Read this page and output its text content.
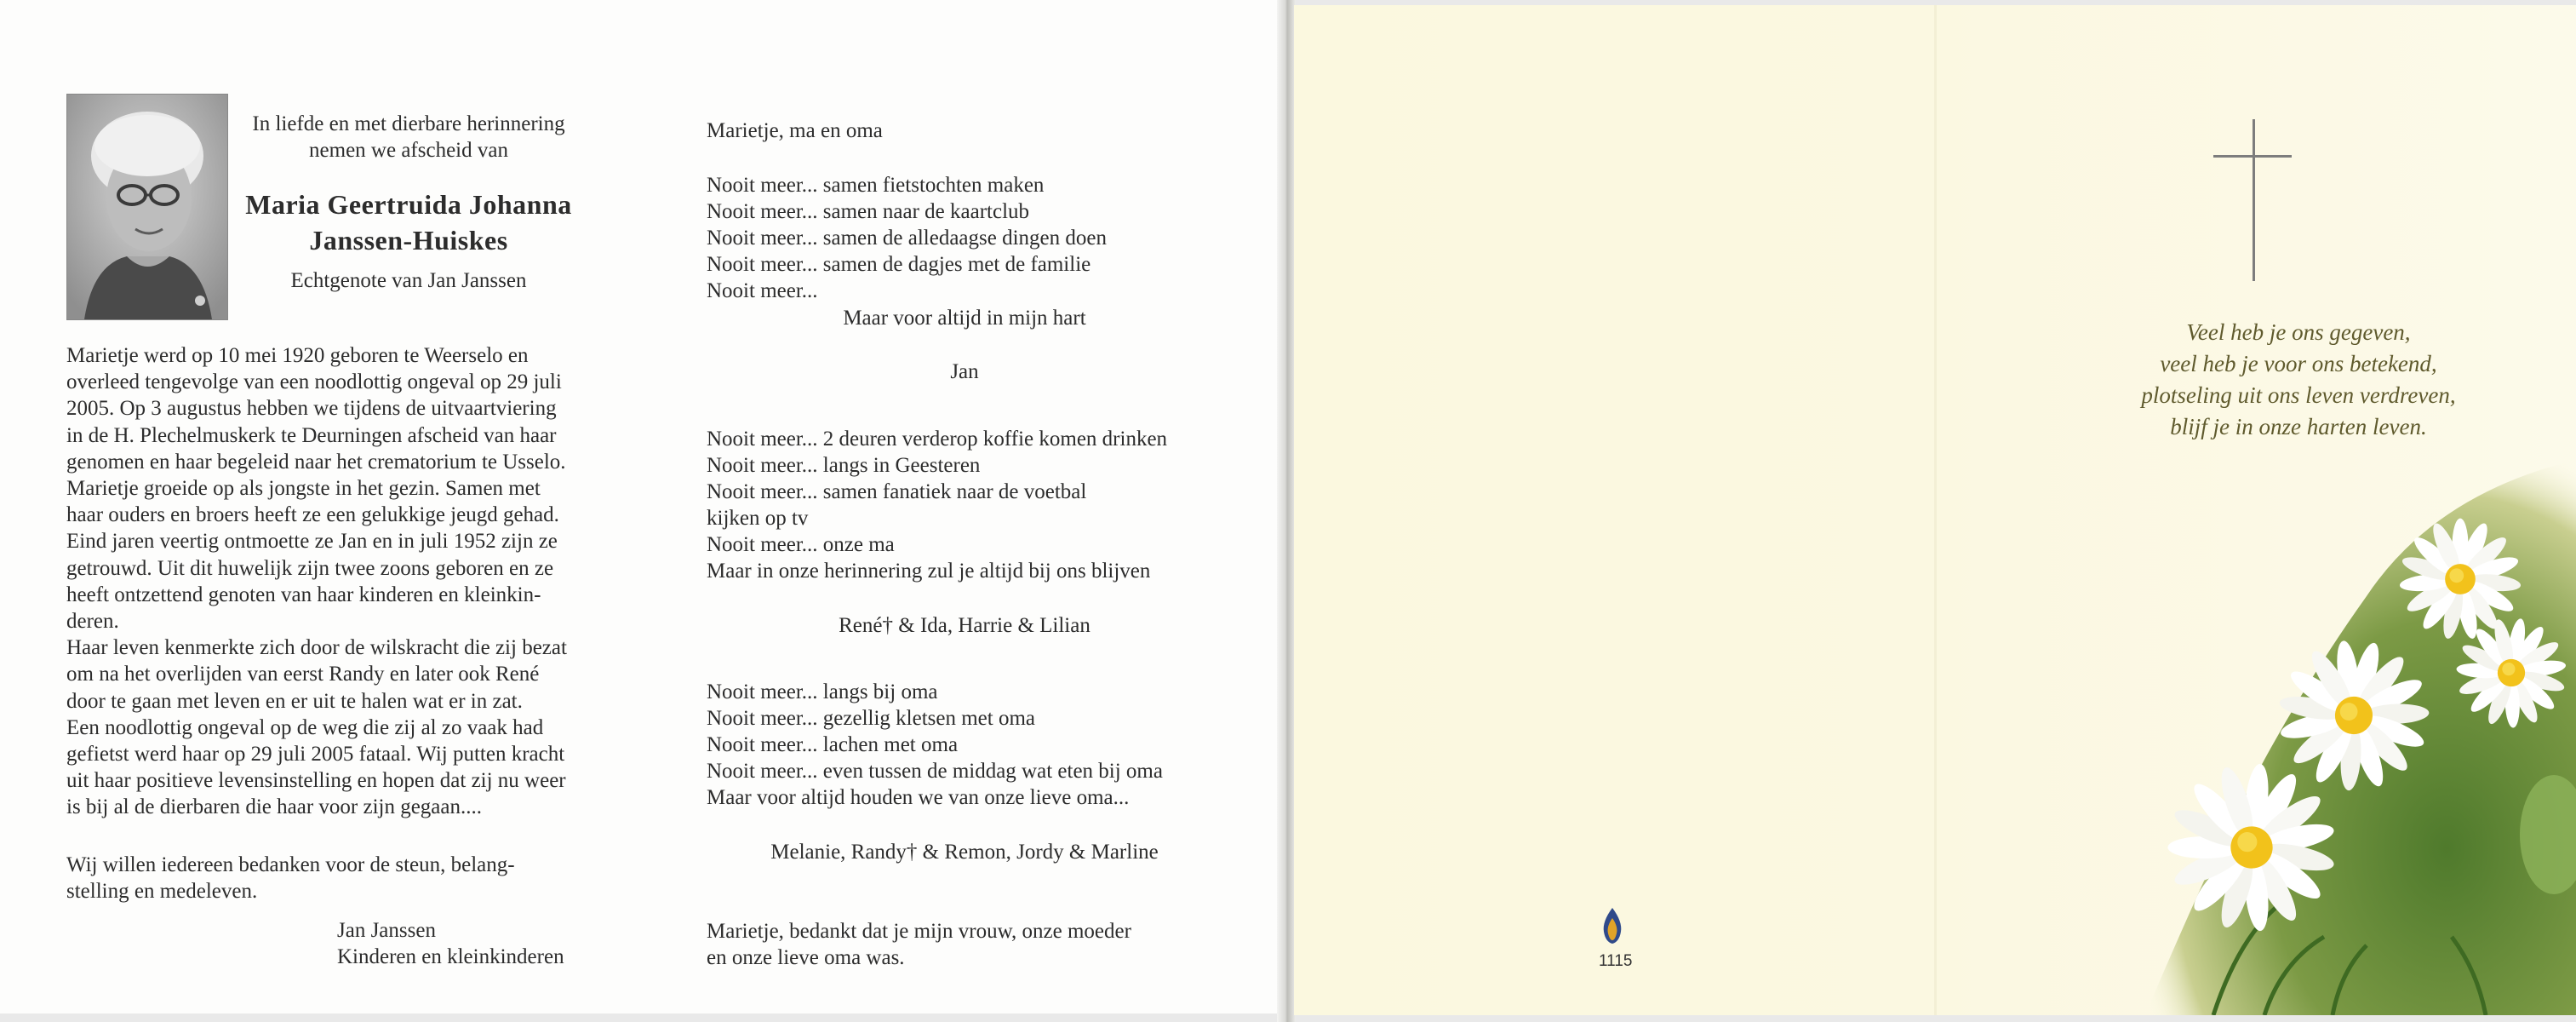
In liefde en met dierbare herinnering
nemen we afscheid van
Maria Geertruida Johanna
Janssen-Huiskes
Echtgenote van Jan Janssen
Marietje werd op 10 mei 1920 geboren te Weerselo en
overleed tengevolge van een noodlottig ongeval op 29 juli
2005. Op 3 augustus hebben we tijdens de uitvaartviering
in de H. Plechelmuskerk te Deurningen afscheid van haar
genomen en haar begeleid naar het crematorium te Usselo.
Marietje groeide op als jongste in het gezin. Samen met
haar ouders en broers heeft ze een gelukkige jeugd gehad.
Eind jaren veertig ontmoette ze Jan en in juli 1952 zijn ze
getrouwd. Uit dit huwelijk zijn twee zoons geboren en ze
heeft ontzettend genoten van haar kinderen en kleinkin-
deren.
Haar leven kenmerkte zich door de wilskracht die zij bezat
om na het overlijden van eerst Randy en later ook René
door te gaan met leven en er uit te halen wat er in zat.
Een noodlottig ongeval op de weg die zij al zo vaak had
gefietst werd haar op 29 juli 2005 fataal. Wij putten kracht
uit haar positieve levensinstelling en hopen dat zij nu weer
is bij al de dierbaren die haar voor zijn gegaan....
Wij willen iedereen bedanken voor de steun, belang-
stelling en medeleven.
Jan Janssen
Kinderen en kleinkinderen
Marietje, ma en oma
Nooit meer... samen fietstochten maken
Nooit meer... samen naar de kaartclub
Nooit meer... samen de alledaagse dingen doen
Nooit meer... samen de dagjes met de familie
Nooit meer...
Maar voor altijd in mijn hart
Jan
Nooit meer... 2 deuren verderop koffie komen drinken
Nooit meer... langs in Geesteren
Nooit meer... samen fanatiek naar de voetbal
kijken op tv
Nooit meer... onze ma
Maar in onze herinnering zul je altijd bij ons blijven
René† & Ida, Harrie & Lilian
Nooit meer... langs bij oma
Nooit meer... gezellig kletsen met oma
Nooit meer... lachen met oma
Nooit meer... even tussen de middag wat eten bij oma
Maar voor altijd houden we van onze lieve oma...
Melanie, Randy† & Remon, Jordy & Marline
Marietje, bedankt dat je mijn vrouw, onze moeder
en onze lieve oma was.
Veel heb je ons gegeven,
veel heb je voor ons betekend,
plotseling uit ons leven verdreven,
blijf je in onze harten leven.
1115
